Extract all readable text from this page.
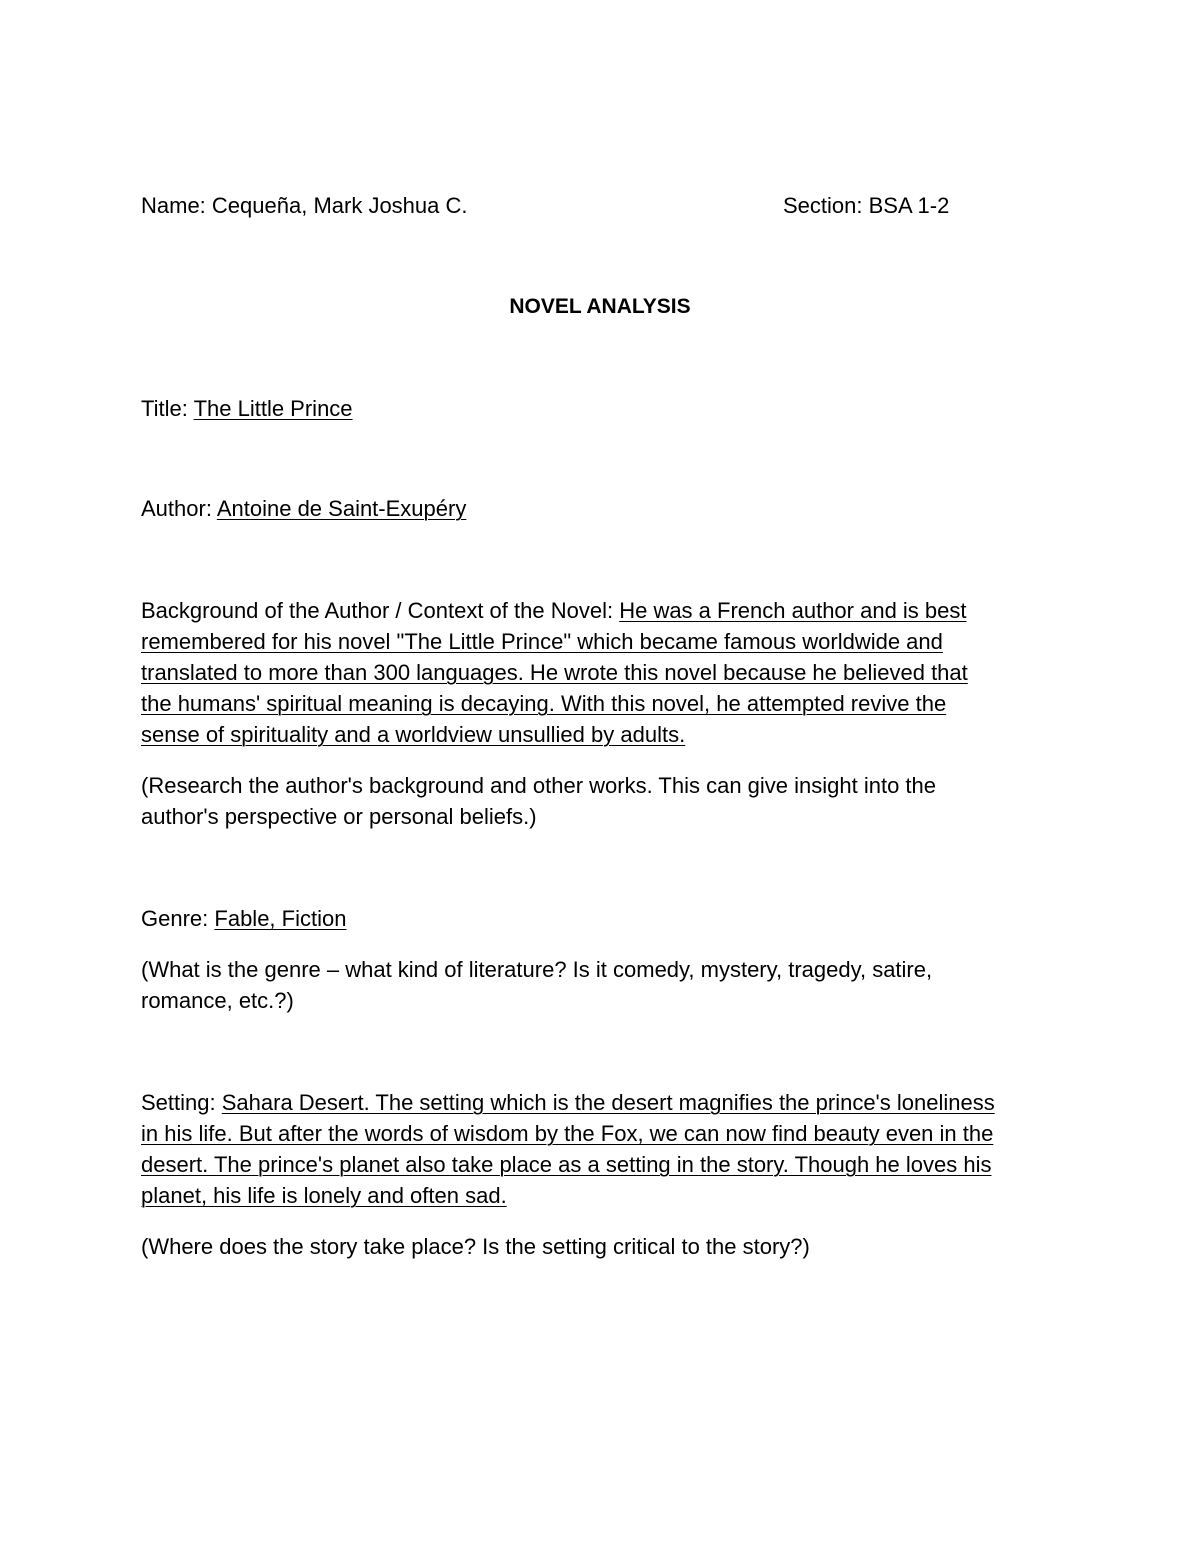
Name: Cequeña, Mark Joshua C.	Section: BSA 1-2
NOVEL ANALYSIS
Title: The Little Prince
Author: Antoine de Saint-Exupéry
Background of the Author / Context of the Novel: He was a French author and is best
remembered for his novel "The Little Prince" which became famous worldwide and
translated to more than 300 languages. He wrote this novel because he believed that
the humans' spiritual meaning is decaying. With this novel, he attempted revive the
sense of spirituality and a worldview unsullied by adults.
(Research the author's background and other works. This can give insight into the
author's perspective or personal beliefs.)
Genre: Fable, Fiction
(What is the genre – what kind of literature? Is it comedy, mystery, tragedy, satire,
romance, etc.?)
Setting: Sahara Desert. The setting which is the desert magnifies the prince's loneliness
in his life. But after the words of wisdom by the Fox, we can now find beauty even in the
desert. The prince's planet also take place as a setting in the story. Though he loves his
planet, his life is lonely and often sad.
(Where does the story take place? Is the setting critical to the story?)
